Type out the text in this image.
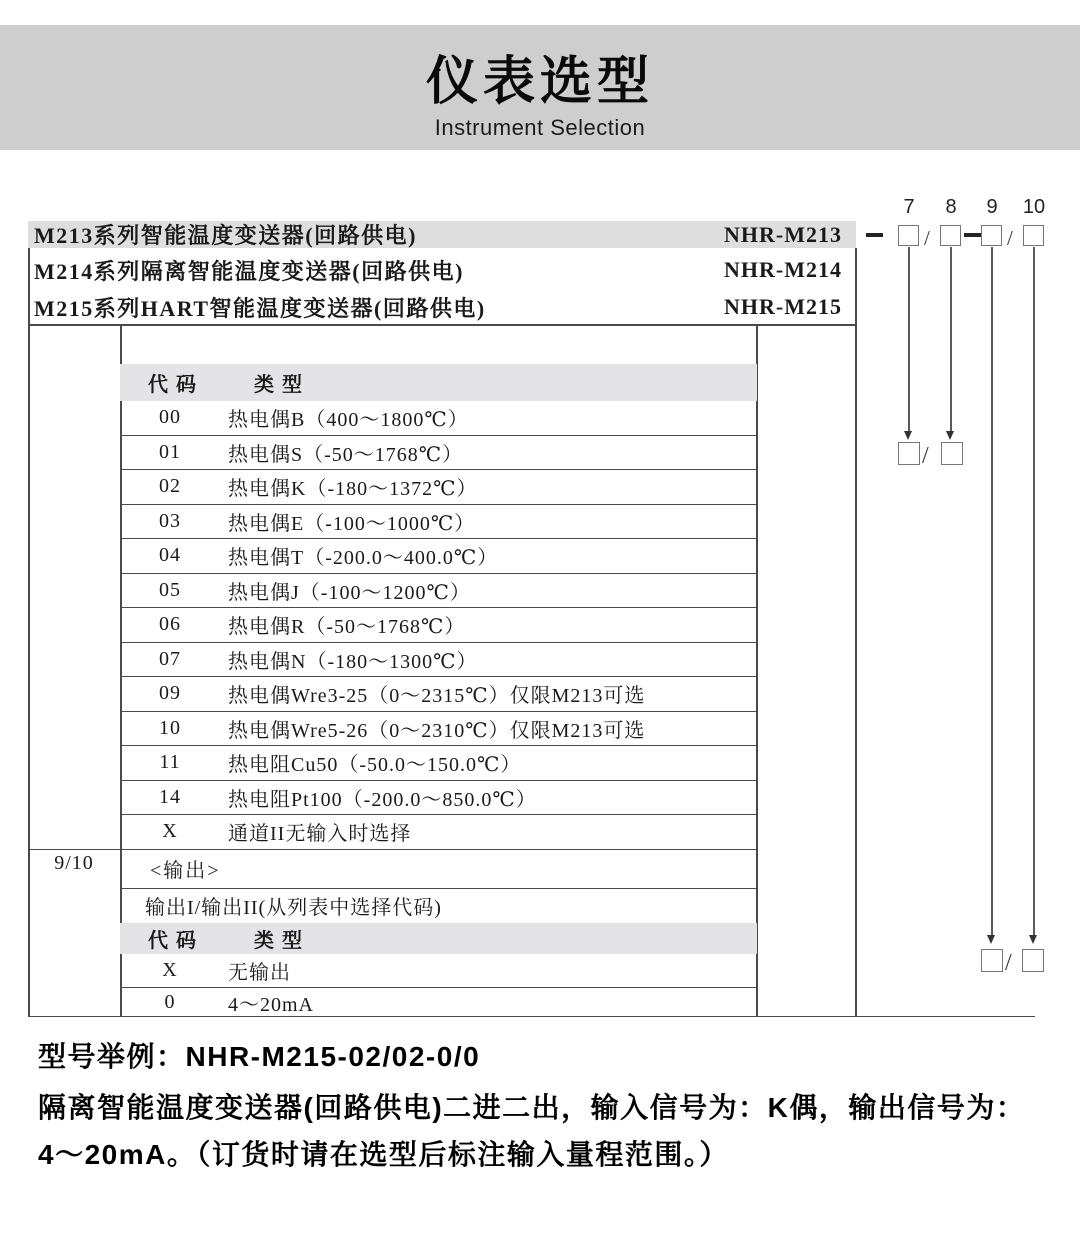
仪表选型
Instrument Selection
9/10
代码	类型
00	热电偶B（400～1800℃）
01	热电偶S（-50～1768℃）
02	热电偶K（-180～1372℃）
03	热电偶E（-100～1000℃）
04	热电偶T（-200.0～400.0℃）
05	热电偶J（-100～1200℃）
06	热电偶R（-50～1768℃）
07	热电偶N（-180～1300℃）
09	热电偶Wre3-25（0～2315℃）仅限M213可选
10	热电偶Wre5-26（0～2310℃）仅限M213可选
11	热电阻Cu50（-50.0～150.0℃）
14	热电阻Pt100（-200.0～850.0℃）
X	通道II无输入时选择
<输出>
输出I/输出II(从列表中选择代码)
代码	类型
X	无输出
0	4～20mA
型号举例：NHR-M215-02/02-0/0
隔离智能温度变送器(回路供电)二进二出，输入信号为：K偶，输出信号为：
4～20mA。（订货时请在选型后标注输入量程范围。）
M213系列智能温度变送器(回路供电)	NHR-M213
M214系列隔离智能温度变送器(回路供电)	NHR-M214
M215系列HART智能温度变送器(回路供电)	NHR-M215
7	8	9	10
/	/
/
/
